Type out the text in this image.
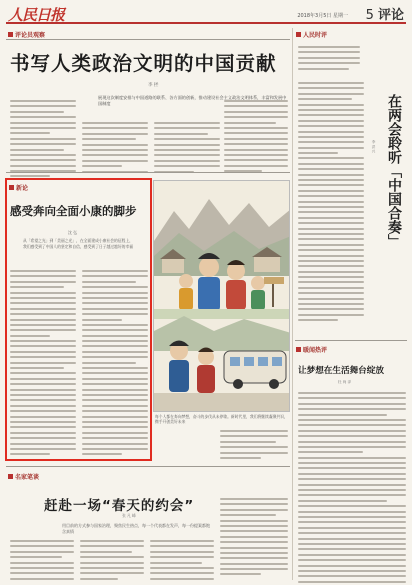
人民日报	2018年3月5日 星期一 5 评论
评论员观察
书写人类政治文明的中国贡献
李 拯
展现这次制度安排与中国道路的联系、各方面的创新，推动建设社会主义政治文明体系，丰富和发展中国制度
新论
感受奔向全面小康的脚步
沈 弘
从「希望之光」到「美丽之光」，在全面建成小康社会的征程上，我们感受到了中国人的坚定和自信，感受到了日子越过越好的幸福
每个人都在奔向梦想，奋斗的步伐从未停歇。新时代里，我们将继续凝聚共识，携手开创美好未来
名家笔谈
赶赴一场“春天的约会”
张 凡 峰
用目前的方式参与国家治理，聚焦民生热点，每一个代表都在发声，每一份提案都饱含真情
人民时评
在两会聆听「中国合奏」
李 洪 兴
暖闻热评
让梦想在生活舞台绽放
杜 尚 泽
